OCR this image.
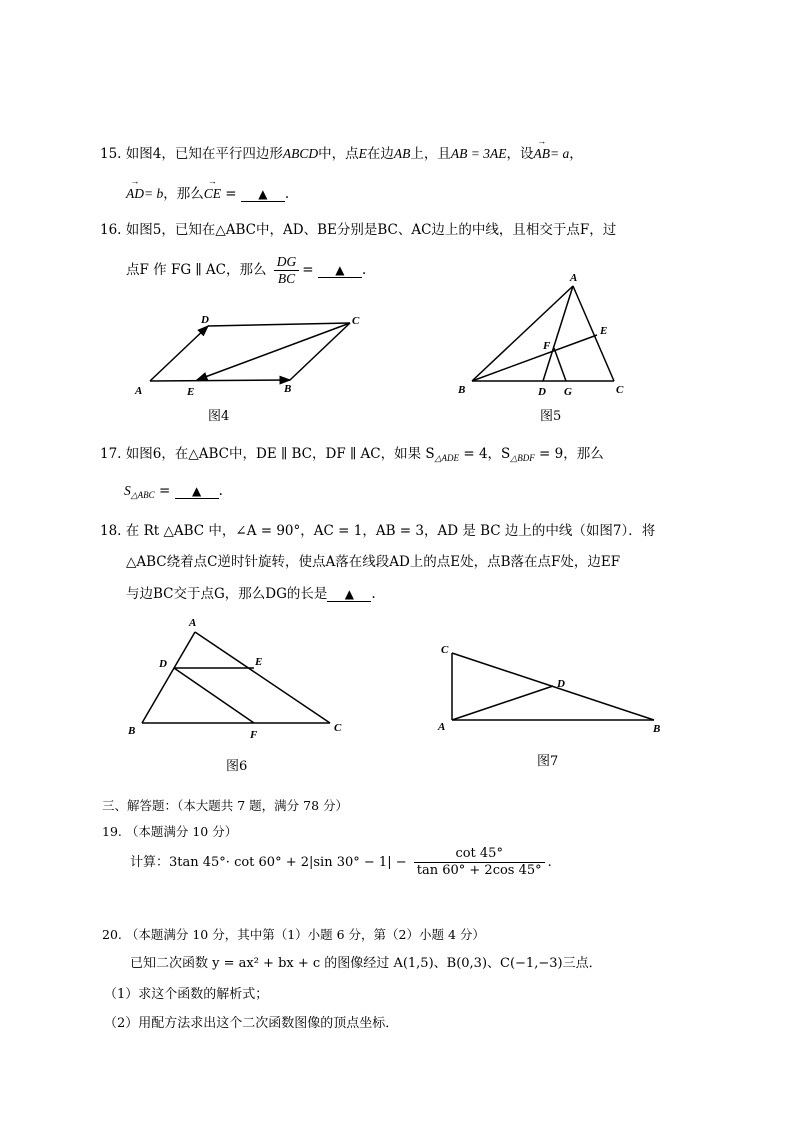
15. 如图4，已知在平行四边形ABCD中，点E在边AB上，且AB = 3AE，设→ AB= a，
→ AD= b，那么→ CE = ▲ .
16. 如图5，已知在△ABC中，AD、BE分别是BC、AC边上的中线，且相交于点F，过
点F 作 FG ∥ AC，那么 $\frac{DG}{BC}$ = ▲ .
A
D	C
B
E
图4
A
B	C
E
F
D G
图5
17. 如图6，在△ABC中，DE ∥ BC，DF ∥ AC，如果 $S_{\triangle ADE} = 4$，$S_{\triangle BDF} = 9$，那么
$S_{\triangle ABC}$ = ▲ .
18. 在 Rt △ABC 中，∠A = 90°，AC = 1，AB = 3，AD 是 BC 边上的中线（如图7）．将
△ABC绕着点C逆时针旋转，使点A落在线段AD上的点E处，点B落在点F处，边EF
与边BC交于点G，那么DG的长是 ▲ .
A
D	E
B	F
C
图6
C
D
A	B
图7
三、解答题：（本大题共 7 题，满分 78 分）
19. （本题满分 10 分）
计算：3tan 45°· cot 60° + 2|sin $30^\circ - 1| - \frac{\cot 45^\circ}{\tan 60^\circ + 2\cos 45^\circ}$ .
20. （本题满分 10 分，其中第（1）小题 6 分，第（2）小题 4 分）
已知二次函数 y = ax² + bx + c 的图像经过 A(1,5)、B(0,3)、C(−1,−3)三点．
（1）求这个函数的解析式；
（2）用配方法求出这个二次函数图像的顶点坐标．
